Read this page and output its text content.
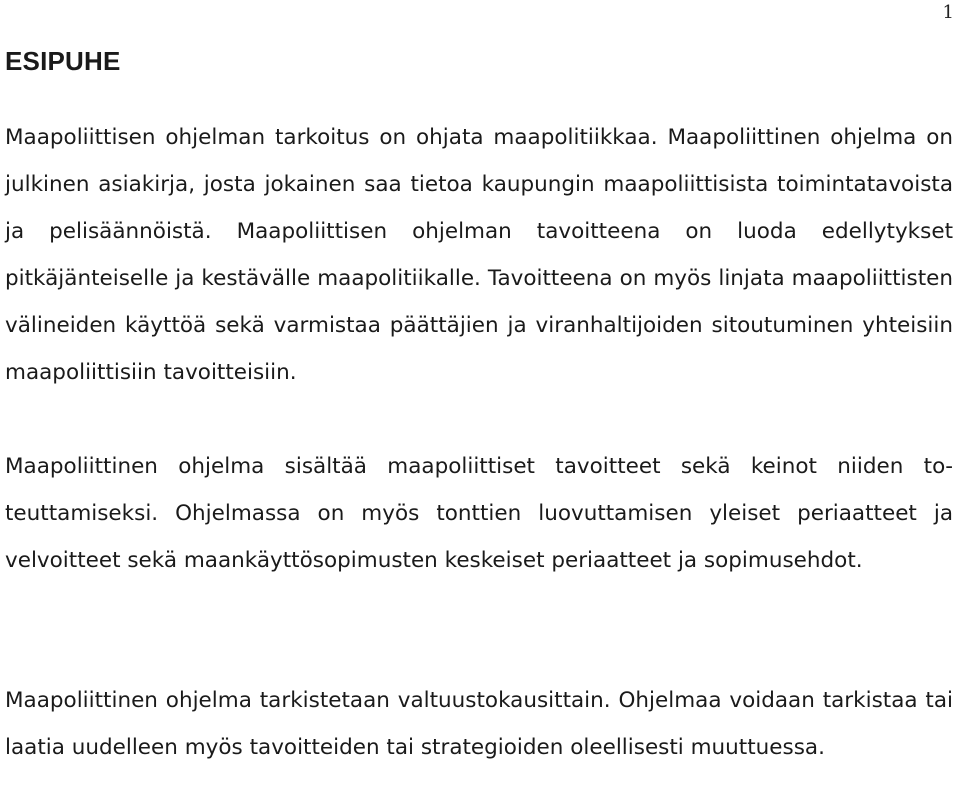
1
ESIPUHE

Maapoliittisen ohjelman tarkoitus on ohjata maapolitiikkaa. Maapoliittinen ohjelma on julkinen asiakirja, josta jokainen saa tietoa kaupungin maapoliittisista toimintatavoista ja pelisäännöistä. Maapoliittisen ohjelman tavoitteena on luoda edellytykset pitkäjänteiselle ja kestävälle maapolitiikalle. Tavoitteena on myös linjata maapoliittisten välineiden käyttöä sekä varmistaa päättäjien ja viranhaltijoiden sitoutuminen yhteisiin maapoliittisiin tavoitteisiin.

Maapoliittinen ohjelma sisältää maapoliittiset tavoitteet sekä keinot niiden toteuttamiseksi. Ohjelmassa on myös tonttien luovuttamisen yleiset periaatteet ja velvoitteet sekä maankäyttösopimusten keskeiset periaatteet ja sopimusehdot.

Maapoliittinen ohjelma tarkistetaan valtuustokausittain. Ohjelmaa voidaan tarkistaa tai laatia uudelleen myös tavoitteiden tai strategioiden oleellisesti muuttuessa.
